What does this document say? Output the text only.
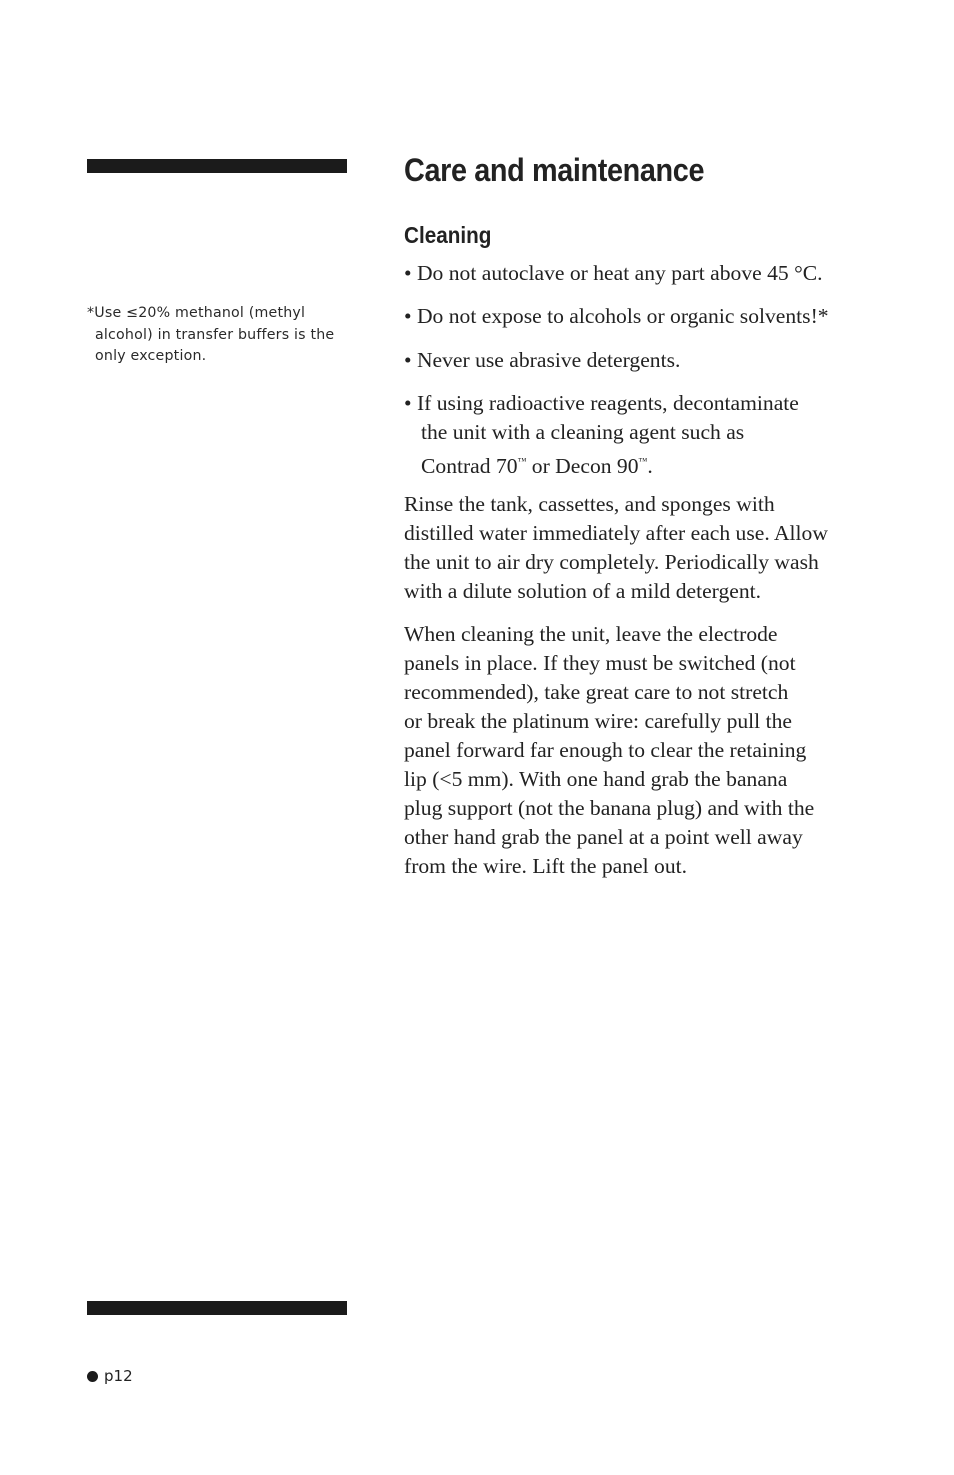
*Use ≤20% methanol (methyl
alcohol) in transfer buffers is the
only exception.
Care and maintenance
Cleaning
• Do not autoclave or heat any part above 45 °C.
• Do not expose to alcohols or organic solvents!*
• Never use abrasive detergents.
• If using radioactive reagents, decontaminate
the unit with a cleaning agent such as
Contrad 70™ or Decon 90™.
Rinse the tank, cassettes, and sponges with
distilled water immediately after each use. Allow
the unit to air dry completely. Periodically wash
with a dilute solution of a mild detergent.
When cleaning the unit, leave the electrode
panels in place. If they must be switched (not
recommended), take great care to not stretch
or break the platinum wire: carefully pull the
panel forward far enough to clear the retaining
lip (<5 mm). With one hand grab the banana
plug support (not the banana plug) and with the
other hand grab the panel at a point well away
from the wire. Lift the panel out.
p12
